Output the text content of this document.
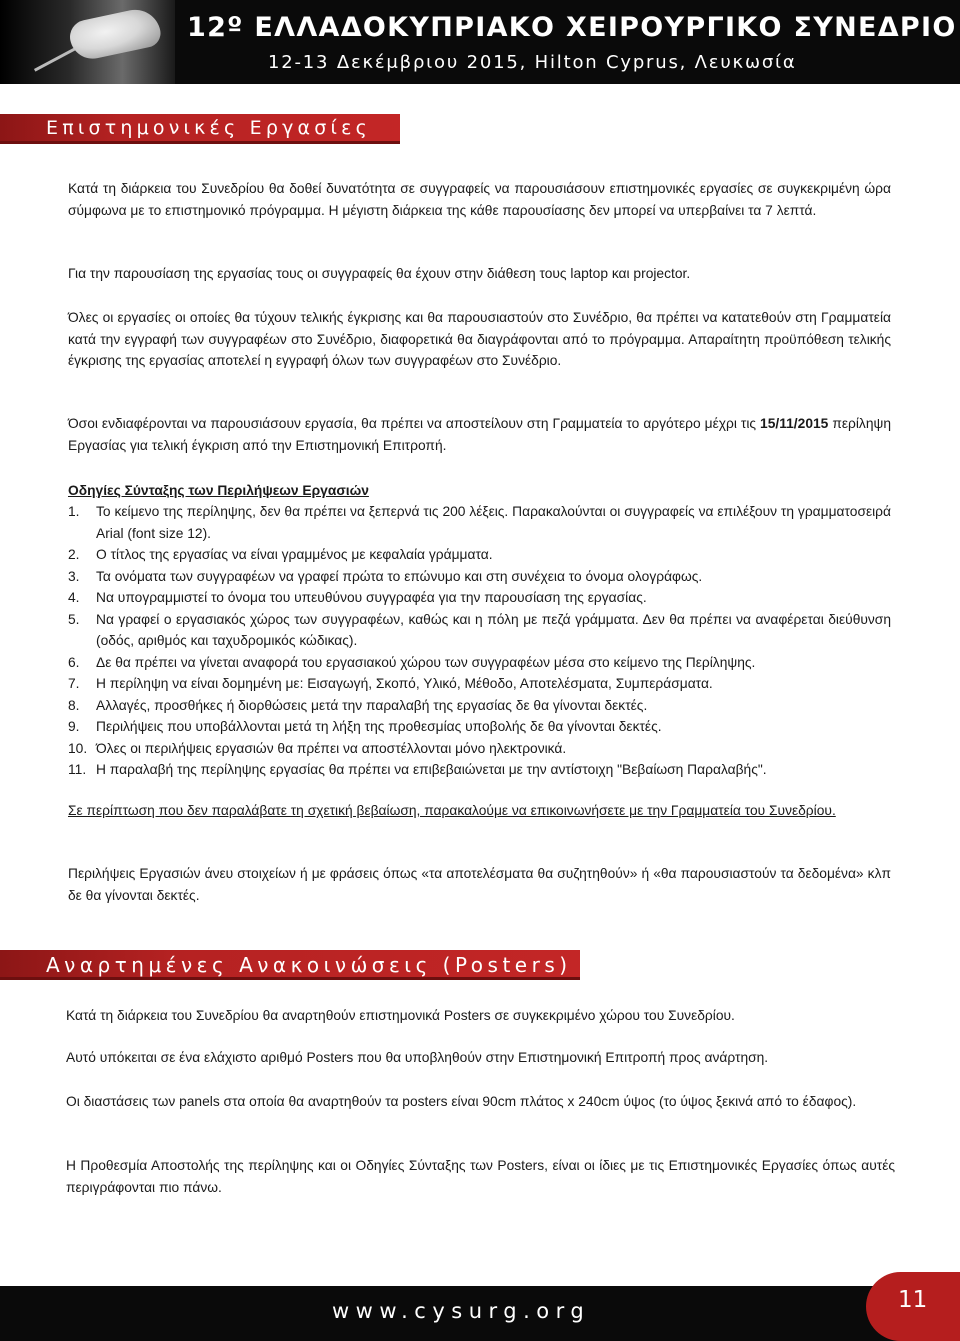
12º ΕΛΛΑΔΟΚΥΠΡΙΑΚΟ ΧΕΙΡΟΥΡΓΙΚΟ ΣΥΝΕΔΡΙΟ

12-13 Δεκέμβριου 2015, Hilton Cyprus, Λευκωσία

Επιστημονικές Εργασίες

Κατά τη διάρκεια του Συνεδρίου θα δοθεί δυνατότητα σε συγγραφείς να παρουσιάσουν επιστημονικές εργασίες σε συγκεκριμένη ώρα σύμφωνα με το επιστημονικό πρόγραμμα. Η μέγιστη διάρκεια της κάθε παρουσίασης δεν μπορεί να υπερβαίνει τα 7 λεπτά.

Για την παρουσίαση της εργασίας τους οι συγγραφείς θα έχουν στην διάθεση τους laptop και projector.

Όλες οι εργασίες οι οποίες θα τύχουν τελικής έγκρισης και θα παρουσιαστούν στο Συνέδριο, θα πρέπει να κατατεθούν στη Γραμματεία κατά την εγγραφή των συγγραφέων στο Συνέδριο, διαφορετικά θα διαγράφονται από το πρόγραμμα. Απαραίτητη προϋπόθεση τελικής έγκρισης της εργασίας αποτελεί η εγγραφή όλων των συγγραφέων στο Συνέδριο.

Όσοι ενδιαφέρονται να παρουσιάσουν εργασία, θα πρέπει να αποστείλουν στη Γραμματεία το αργότερο μέχρι τις 15/11/2015 περίληψη Εργασίας για τελική έγκριση από την Επιστημονική Επιτροπή.

Οδηγίες Σύνταξης των Περιλήψεων Εργασιών
1. Το κείμενο της περίληψης, δεν θα πρέπει να ξεπερνά τις 200 λέξεις. Παρακαλούνται οι συγγραφείς να επιλέξουν τη γραμματοσειρά Arial (font size 12).
2. Ο τίτλος της εργασίας να είναι γραμμένος με κεφαλαία γράμματα.
3. Τα ονόματα των συγγραφέων να γραφεί πρώτα το επώνυμο και στη συνέχεια το όνομα ολογράφως.
4. Να υπογραμμιστεί το όνομα του υπευθύνου συγγραφέα για την παρουσίαση της εργασίας.
5. Να γραφεί ο εργασιακός χώρος των συγγραφέων, καθώς και η πόλη με πεζά γράμματα. Δεν θα πρέπει να αναφέρεται διεύθυνση (οδός, αριθμός και ταχυδρομικός κώδικας).
6. Δε θα πρέπει να γίνεται αναφορά του εργασιακού χώρου των συγγραφέων μέσα στο κείμενο της Περίληψης.
7. Η περίληψη να είναι δομημένη με: Εισαγωγή, Σκοπό, Υλικό, Μέθοδο, Αποτελέσματα, Συμπεράσματα.
8. Αλλαγές, προσθήκες ή διορθώσεις μετά την παραλαβή της εργασίας δε θα γίνονται δεκτές.
9. Περιλήψεις που υποβάλλονται μετά τη λήξη της προθεσμίας υποβολής δε θα γίνονται δεκτές.
10. Όλες οι περιλήψεις εργασιών θα πρέπει να αποστέλλονται μόνο ηλεκτρονικά.
11. Η παραλαβή της περίληψης εργασίας θα πρέπει να επιβεβαιώνεται με την αντίστοιχη "Βεβαίωση Παραλαβής".

Σε περίπτωση που δεν παραλάβατε τη σχετική βεβαίωση, παρακαλούμε να επικοινωνήσετε με την Γραμματεία του Συνεδρίου.

Περιλήψεις Εργασιών άνευ στοιχείων ή με φράσεις όπως «τα αποτελέσματα θα συζητηθούν» ή «θα παρουσιαστούν τα δεδομένα» κλπ δε θα γίνονται δεκτές.

Αναρτημένες Ανακοινώσεις (Posters)

Κατά τη διάρκεια του Συνεδρίου θα αναρτηθούν επιστημονικά Posters σε συγκεκριμένο χώρου του Συνεδρίου.

Αυτό υπόκειται σε ένα ελάχιστο αριθμό Posters που θα υποβληθούν στην Επιστημονική Επιτροπή προς ανάρτηση.

Οι διαστάσεις των panels στα οποία θα αναρτηθούν τα posters είναι 90cm πλάτος x 240cm ύψος (το ύψος ξεκινά από το έδαφος).

Η Προθεσμία Αποστολής της περίληψης και οι Οδηγίες Σύνταξης των Posters, είναι οι ίδιες με τις Επιστημονικές Εργασίες όπως αυτές περιγράφονται πιο πάνω.

www.cysurg.org	11
